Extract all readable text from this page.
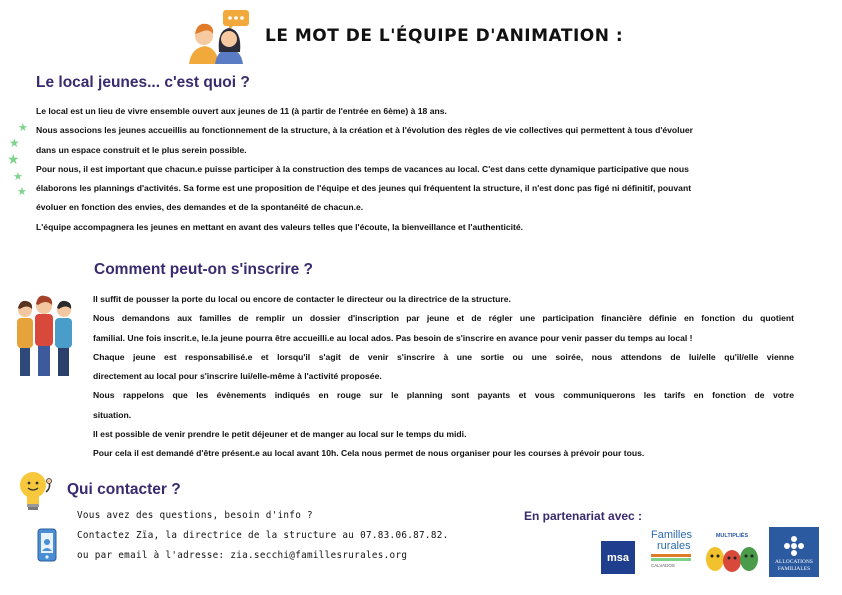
LE MOT DE L'ÉQUIPE D'ANIMATION :
Le local jeunes... c'est quoi ?
★
★
★
★
★

Le local est un lieu de vivre ensemble ouvert aux jeunes de 11 (à partir de l'entrée en 6ème) à 18 ans.

Nous associons les jeunes accueillis au fonctionnement de la structure, à la création et à l'évolution des règles de vie collectives qui permettent à tous d'évoluer

dans un espace construit et le plus serein possible.

Pour nous, il est important que chacun.e puisse participer à la construction des temps de vacances au local. C'est dans cette dynamique participative que nous

élaborons les plannings d'activités. Sa forme est une proposition de l'équipe et des jeunes qui fréquentent la structure, il n'est donc pas figé ni définitif, pouvant

évoluer en fonction des envies, des demandes et de la spontanéité de chacun.e.

L'équipe accompagnera les jeunes en mettant en avant des valeurs telles que l'écoute, la bienveillance et l'authenticité.

Comment peut-on s'inscrire ?

Il suffit de pousser la porte du local ou encore de contacter le directeur ou la directrice de la structure.

Nous demandons aux familles de remplir un dossier d'inscription par jeune et de régler une participation financière définie en fonction du quotient

familial. Une fois inscrit.e, le.la jeune pourra être accueilli.e au local ados. Pas besoin de s'inscrire en avance pour venir passer du temps au local !

Chaque jeune est responsabilisé.e et lorsqu'il s'agit de venir s'inscrire à une sortie ou une soirée, nous attendons de lui/elle qu'il/elle vienne

directement au local pour s'inscrire lui/elle-même à l'activité proposée.

Nous rappelons que les évènements indiqués en rouge sur le planning sont payants et vous communiquerons les tarifs en fonction de votre

situation.

Il est possible de venir prendre le petit déjeuner et de manger au local sur le temps du midi.

Pour cela il est demandé d'être présent.e au local avant 10h. Cela nous permet de nous organiser pour les courses à prévoir pour tous.

Qui contacter ?
Vous avez des questions, besoin d'info ?
Contactez Zïa, la directrice de la structure au 07.83.06.87.82.
ou par email à l'adresse: zia.secchi@famillesrurales.org
En partenariat avec :
msa
Familles
rurales
CALVADOS
MULTIPLIÉS
ALLOCATIONS
FAMILIALES
